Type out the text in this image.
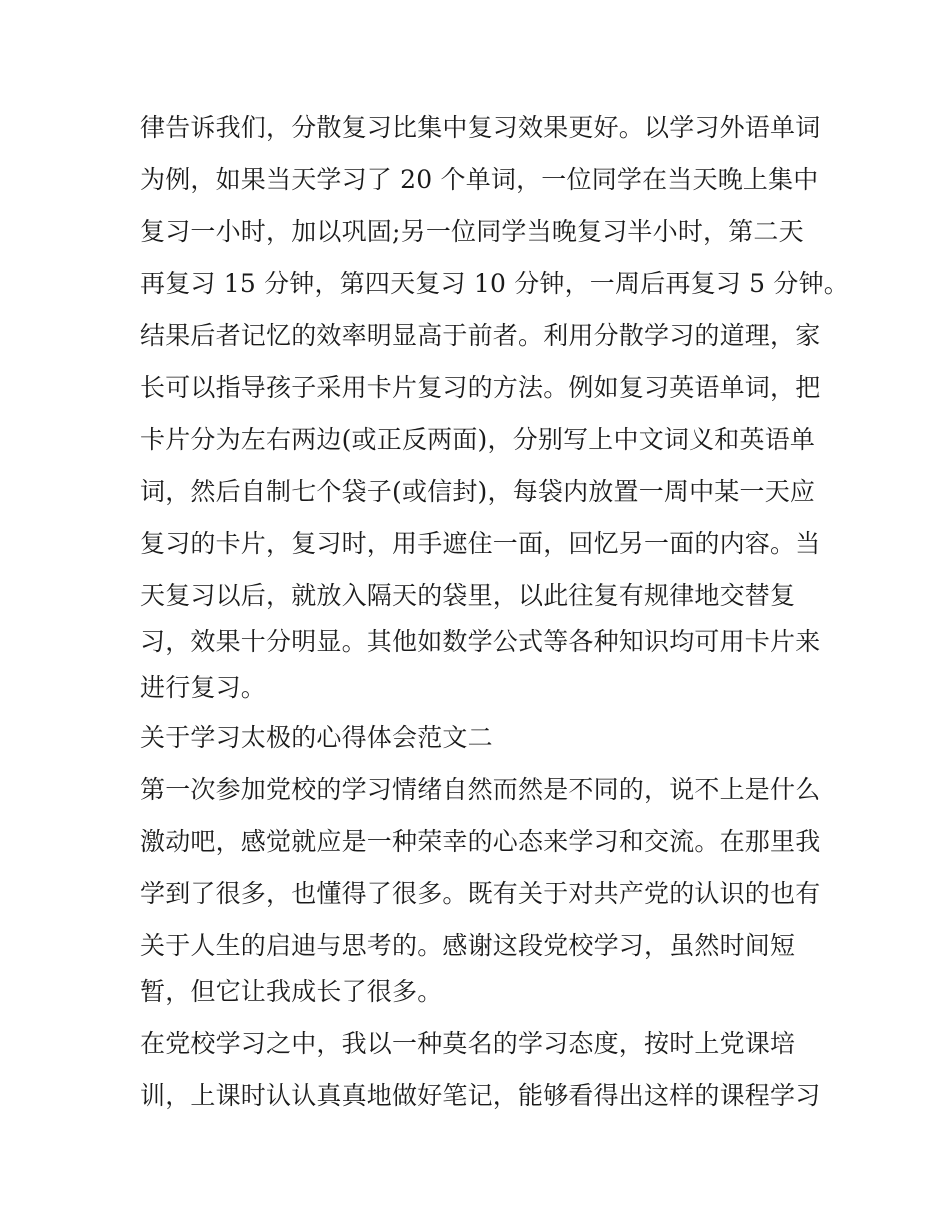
律告诉我们，分散复习比集中复习效果更好。以学习外语单词

为例，如果当天学习了 20 个单词，一位同学在当天晚上集中

复习一小时，加以巩固;另一位同学当晚复习半小时，第二天

再复习 15 分钟，第四天复习 10 分钟，一周后再复习 5 分钟。

结果后者记忆的效率明显高于前者。利用分散学习的道理，家

长可以指导孩子采用卡片复习的方法。例如复习英语单词，把

卡片分为左右两边(或正反两面)，分别写上中文词义和英语单

词，然后自制七个袋子(或信封)，每袋内放置一周中某一天应

复习的卡片，复习时，用手遮住一面，回忆另一面的内容。当

天复习以后，就放入隔天的袋里，以此往复有规律地交替复

习，效果十分明显。其他如数学公式等各种知识均可用卡片来

进行复习。

关于学习太极的心得体会范文二

第一次参加党校的学习情绪自然而然是不同的，说不上是什么

激动吧，感觉就应是一种荣幸的心态来学习和交流。在那里我

学到了很多，也懂得了很多。既有关于对共产党的认识的也有

关于人生的启迪与思考的。感谢这段党校学习，虽然时间短

暂，但它让我成长了很多。

在党校学习之中，我以一种莫名的学习态度，按时上党课培

训，上课时认认真真地做好笔记，能够看得出这样的课程学习
